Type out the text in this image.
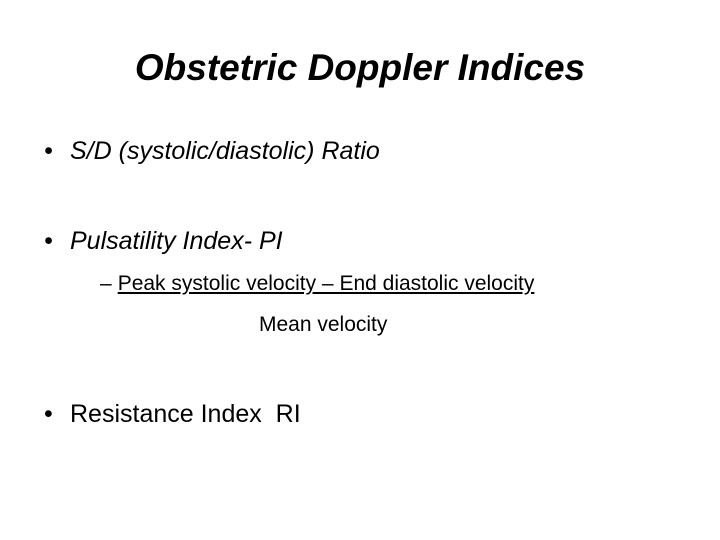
Obstetric Doppler Indices
• S/D (systolic/diastolic) Ratio
• Pulsatility Index- PI
– Peak systolic velocity – End diastolic velocity
Mean velocity
• Resistance Index  RI
